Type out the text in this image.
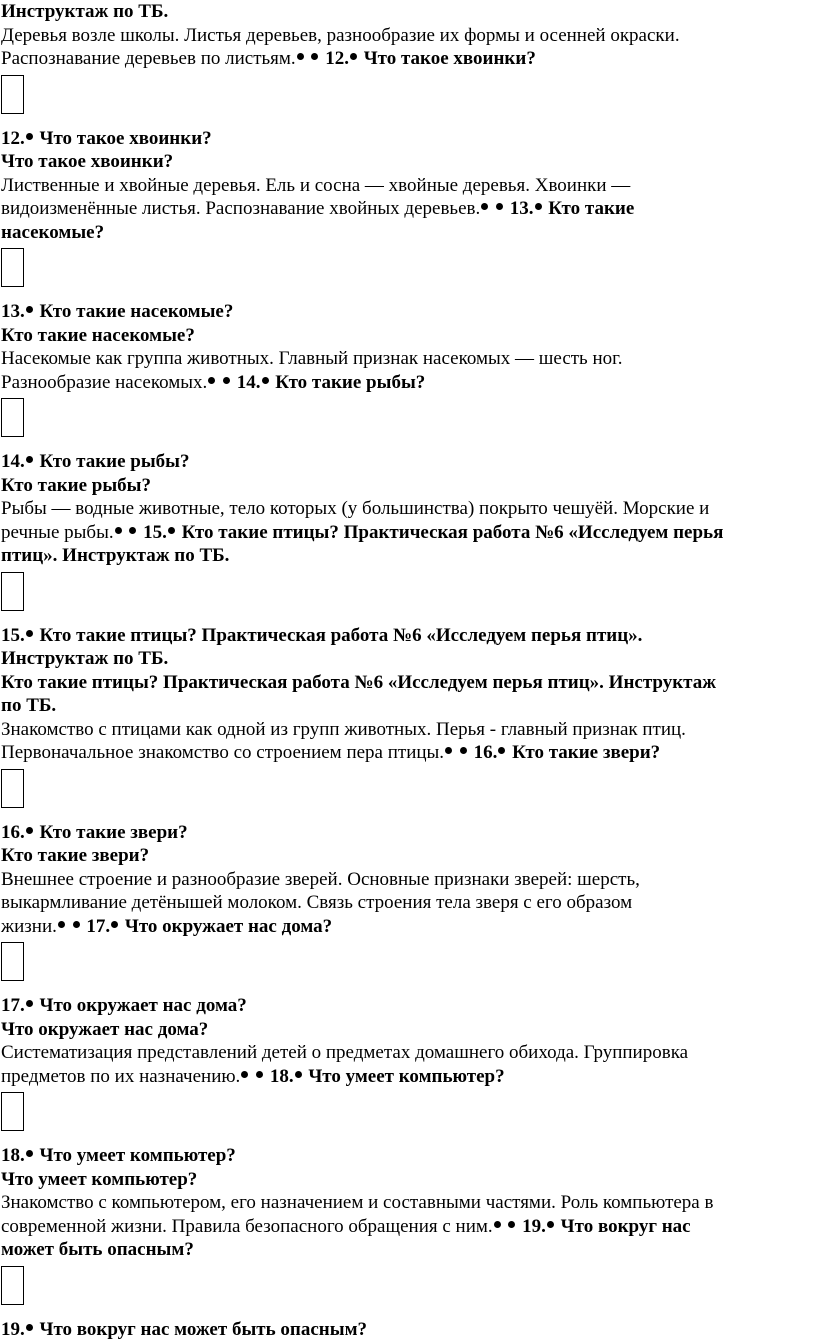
Инструктаж по ТБ.
Деревья возле школы. Листья деревьев, разнообразие их формы и осенней окраски.
Распознавание деревьев по листьям. 12. Что такое хвоинки?
12. Что такое хвоинки?
Что такое хвоинки?
Лиственные и хвойные деревья. Ель и сосна — хвойные деревья. Хвоинки —
видоизменённые листья. Распознавание хвойных деревьев. 13. Кто такие
насекомые?
13. Кто такие насекомые?
Кто такие насекомые?
Насекомые как группа животных. Главный признак насекомых — шесть ног.
Разнообразие насекомых. 14. Кто такие рыбы?
14. Кто такие рыбы?
Кто такие рыбы?
Рыбы — водные животные, тело которых (у большинства) покрыто чешуёй. Морские и
речные рыбы. 15. Кто такие птицы? Практическая работа №6 «Исследуем перья
птиц». Инструктаж по ТБ.
15. Кто такие птицы? Практическая работа №6 «Исследуем перья птиц».
Инструктаж по ТБ.
Кто такие птицы? Практическая работа №6 «Исследуем перья птиц». Инструктаж
по ТБ.
Знакомство с птицами как одной из групп животных. Перья - главный признак птиц.
Первоначальное знакомство со строением пера птицы. 16. Кто такие звери?
16. Кто такие звери?
Кто такие звери?
Внешнее строение и разнообразие зверей. Основные признаки зверей: шерсть,
выкармливание детёнышей молоком. Связь строения тела зверя с его образом
жизни. 17. Что окружает нас дома?
17. Что окружает нас дома?
Что окружает нас дома?
Систематизация представлений детей о предметах домашнего обихода. Группировка
предметов по их назначению. 18. Что умеет компьютер?
18. Что умеет компьютер?
Что умеет компьютер?
Знакомство с компьютером, его назначением и составными частями. Роль компьютера в
современной жизни. Правила безопасного обращения с ним. 19. Что вокруг нас
может быть опасным?
19. Что вокруг нас может быть опасным?
